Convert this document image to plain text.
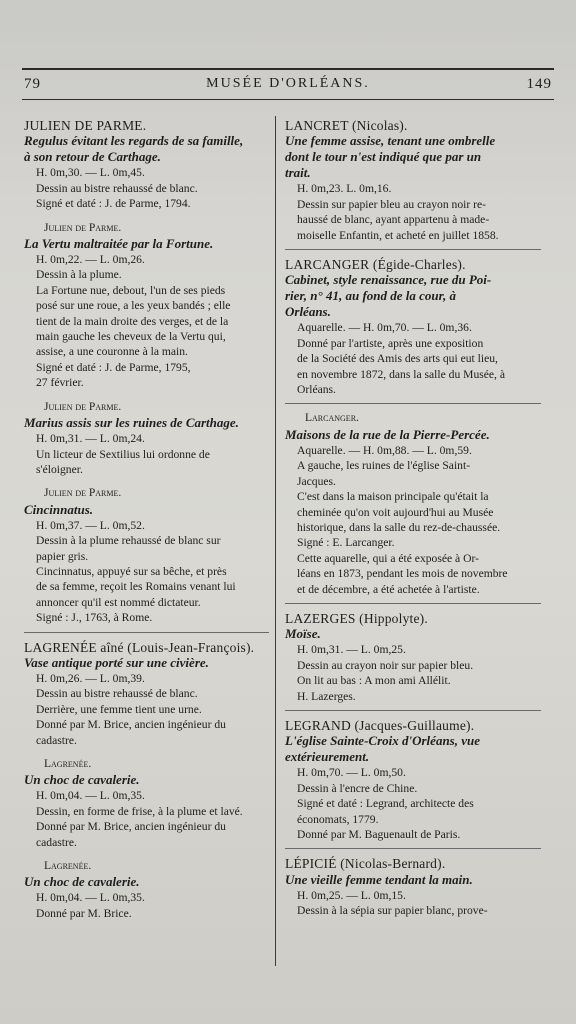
79	MUSÉE D'ORLÉANS.	149
JULIEN DE PARME.
Regulus évitant les regards de sa famille,
à son retour de Carthage.
H. 0m,30. — L. 0m,45.
Dessin au bistre rehaussé de blanc.
Signé et daté : J. de Parme, 1794.
Julien de Parme.
La Vertu maltraitée par la Fortune.
H. 0m,22. — L. 0m,26.
Dessin à la plume.
La Fortune nue, debout, l'un de ses pieds
posé sur une roue, a les yeux bandés ; elle
tient de la main droite des verges, et de la
main gauche les cheveux de la Vertu qui,
assise, a une couronne à la main.
Signé et daté : J. de Parme, 1795,
27 février.
Julien de Parme.
Marius assis sur les ruines de Carthage.
H. 0m,31. — L. 0m,24.
Un licteur de Sextilius lui ordonne de
s'éloigner.
Julien de Parme.
Cincinnatus.
H. 0m,37. — L. 0m,52.
Dessin à la plume rehaussé de blanc sur
papier gris.
Cincinnatus, appuyé sur sa bêche, et près
de sa femme, reçoit les Romains venant lui
annoncer qu'il est nommé dictateur.
Signé : J., 1763, à Rome.
LAGRENÉE aîné (Louis-Jean-François).
Vase antique porté sur une civière.
H. 0m,26. — L. 0m,39.
Dessin au bistre rehaussé de blanc.
Derrière, une femme tient une urne.
Donné par M. Brice, ancien ingénieur du
cadastre.
Lagrenée.
Un choc de cavalerie.
H. 0m,04. — L. 0m,35.
Dessin, en forme de frise, à la plume et lavé.
Donné par M. Brice, ancien ingénieur du
cadastre.
Lagrenée.
Un choc de cavalerie.
H. 0m,04. — L. 0m,35.
Donné par M. Brice.
LANCRET (Nicolas).
Une femme assise, tenant une ombrelle
dont le tour n'est indiqué que par un
trait.
H. 0m,23. L. 0m,16.
Dessin sur papier bleu au crayon noir re-
haussé de blanc, ayant appartenu à made-
moiselle Enfantin, et acheté en juillet 1858.
LARCANGER (Égide-Charles).
Cabinet, style renaissance, rue du Poi-
rier, n° 41, au fond de la cour, à
Orléans.
Aquarelle. — H. 0m,70. — L. 0m,36.
Donné par l'artiste, après une exposition
de la Société des Amis des arts qui eut lieu,
en novembre 1872, dans la salle du Musée, à
Orléans.
Larcanger.
Maisons de la rue de la Pierre-Percée.
Aquarelle. — H. 0m,88. — L. 0m,59.
A gauche, les ruines de l'église Saint-
Jacques.
C'est dans la maison principale qu'était la
cheminée qu'on voit aujourd'hui au Musée
historique, dans la salle du rez-de-chaussée.
Signé : E. Larcanger.
Cette aquarelle, qui a été exposée à Or-
léans en 1873, pendant les mois de novembre
et de décembre, a été achetée à l'artiste.
LAZERGES (Hippolyte).
Moïse.
H. 0m,31. — L. 0m,25.
Dessin au crayon noir sur papier bleu.
On lit au bas : A mon ami Allélit.
H. Lazerges.
LEGRAND (Jacques-Guillaume).
L'église Sainte-Croix d'Orléans, vue
extérieurement.
H. 0m,70. — L. 0m,50.
Dessin à l'encre de Chine.
Signé et daté : Legrand, architecte des
économats, 1779.
Donné par M. Baguenault de Paris.
LÉPICIÉ (Nicolas-Bernard).
Une vieille femme tendant la main.
H. 0m,25. — L. 0m,15.
Dessin à la sépia sur papier blanc, prove-
